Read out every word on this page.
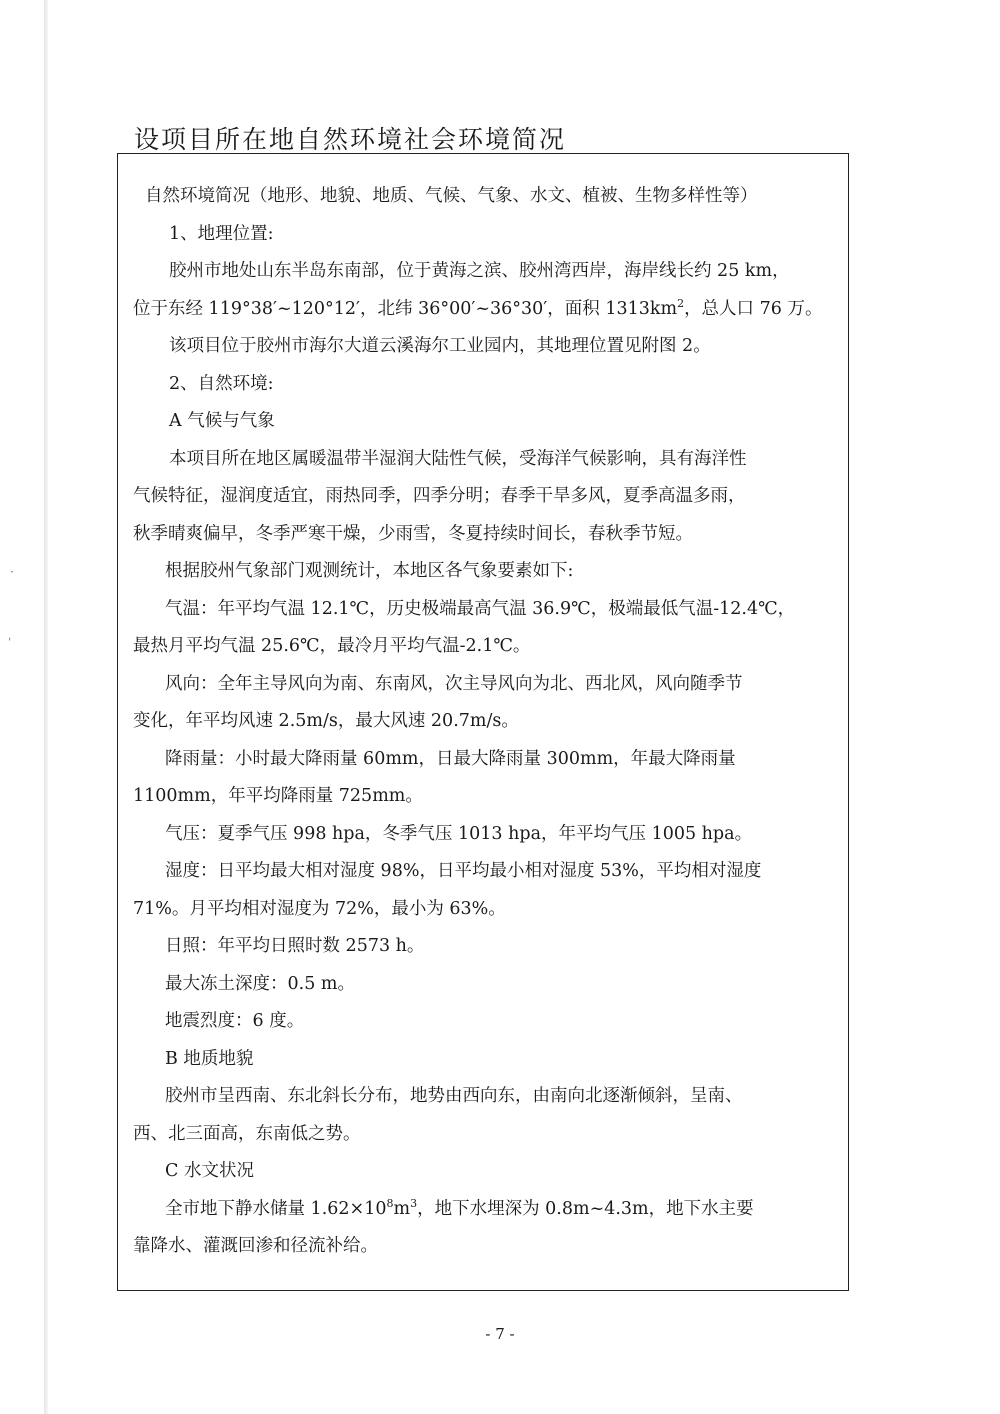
·
ˌ
设项目所在地自然环境社会环境简况

自然环境简况（地形、地貌、地质、气候、气象、水文、植被、生物多样性等）

1、地理位置:

胶州市地处山东半岛东南部，位于黄海之滨、胶州湾西岸，海岸线长约 25 km，

位于东经 119°38′~120°12′，北纬 36°00′~36°30′，面积 $1313km^2$，总人口 76 万。

该项目位于胶州市海尔大道云溪海尔工业园内，其地理位置见附图 2。

2、自然环境:

A 气候与气象

本项目所在地区属暖温带半湿润大陆性气候，受海洋气候影响，具有海洋性

气候特征，湿润度适宜，雨热同季，四季分明；春季干旱多风，夏季高温多雨，

秋季晴爽偏早，冬季严寒干燥，少雨雪，冬夏持续时间长，春秋季节短。

根据胶州气象部门观测统计，本地区各气象要素如下:

气温：年平均气温 12.1℃，历史极端最高气温 36.9℃，极端最低气温-12.4℃，

最热月平均气温 25.6℃，最冷月平均气温-2.1℃。

风向：全年主导风向为南、东南风，次主导风向为北、西北风，风向随季节

变化，年平均风速 2.5m/s，最大风速 20.7m/s。

降雨量：小时最大降雨量 60mm，日最大降雨量 300mm，年最大降雨量

1100mm，年平均降雨量 725mm。

气压：夏季气压 998 hpa，冬季气压 1013 hpa，年平均气压 1005 hpa。

湿度：日平均最大相对湿度 98%，日平均最小相对湿度 53%，平均相对湿度

71%。月平均相对湿度为 72%，最小为 63%。

日照：年平均日照时数 2573 h。

最大冻土深度：0.5 m。

地震烈度：6 度。

B 地质地貌

胶州市呈西南、东北斜长分布，地势由西向东，由南向北逐渐倾斜，呈南、

西、北三面高，东南低之势。

C 水文状况

全市地下静水储量 $1.62\times 10^8m^3$，地下水埋深为 0.8m~4.3m，地下水主要

靠降水、灌溉回渗和径流补给。

- 7 -
